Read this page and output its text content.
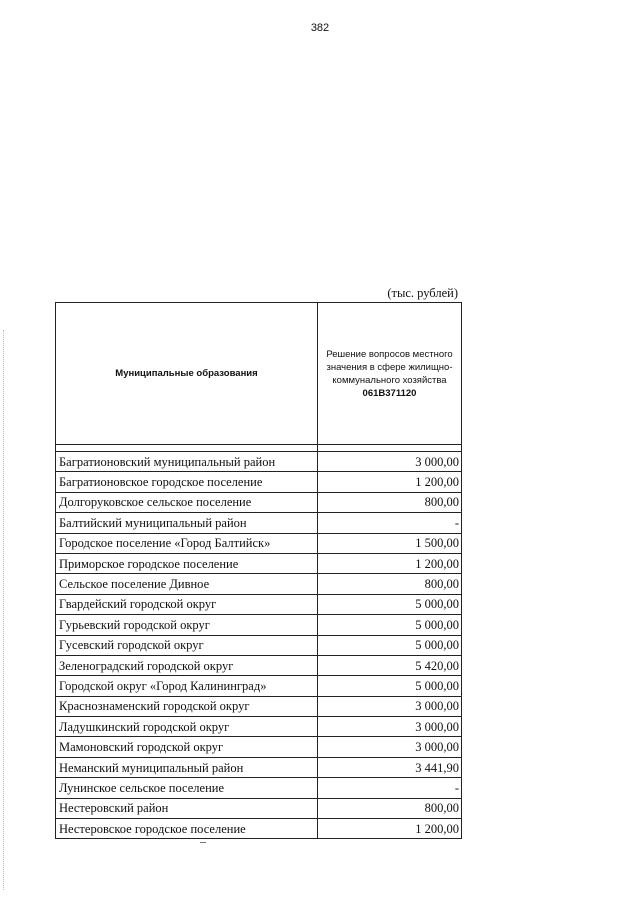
382
(тыс. рублей)
Муниципальные образования	Решение вопросов местного
значения в сфере жилищно-
коммунального хозяйства
061В371120

Багратионовский муниципальный район	3 000,00
Багратионовское городское поселение	1 200,00
Долгоруковское сельское поселение	800,00
Балтийский муниципальный район	-
Городское поселение «Город Балтийск»	1 500,00
Приморское городское поселение	1 200,00
Сельское поселение Дивное	800,00
Гвардейский городской округ	5 000,00
Гурьевский городской округ	5 000,00
Гусевский городской округ	5 000,00
Зеленоградский городской округ	5 420,00
Городской округ «Город Калининград»	5 000,00
Краснознаменский городской округ	3 000,00
Ладушкинский городской округ	3 000,00
Мамоновский городской округ	3 000,00
Неманский муниципальный район	3 441,90
Лунинское сельское поселение	-
Нестеровский район	800,00
Нестеровское городское поселение	1 200,00
